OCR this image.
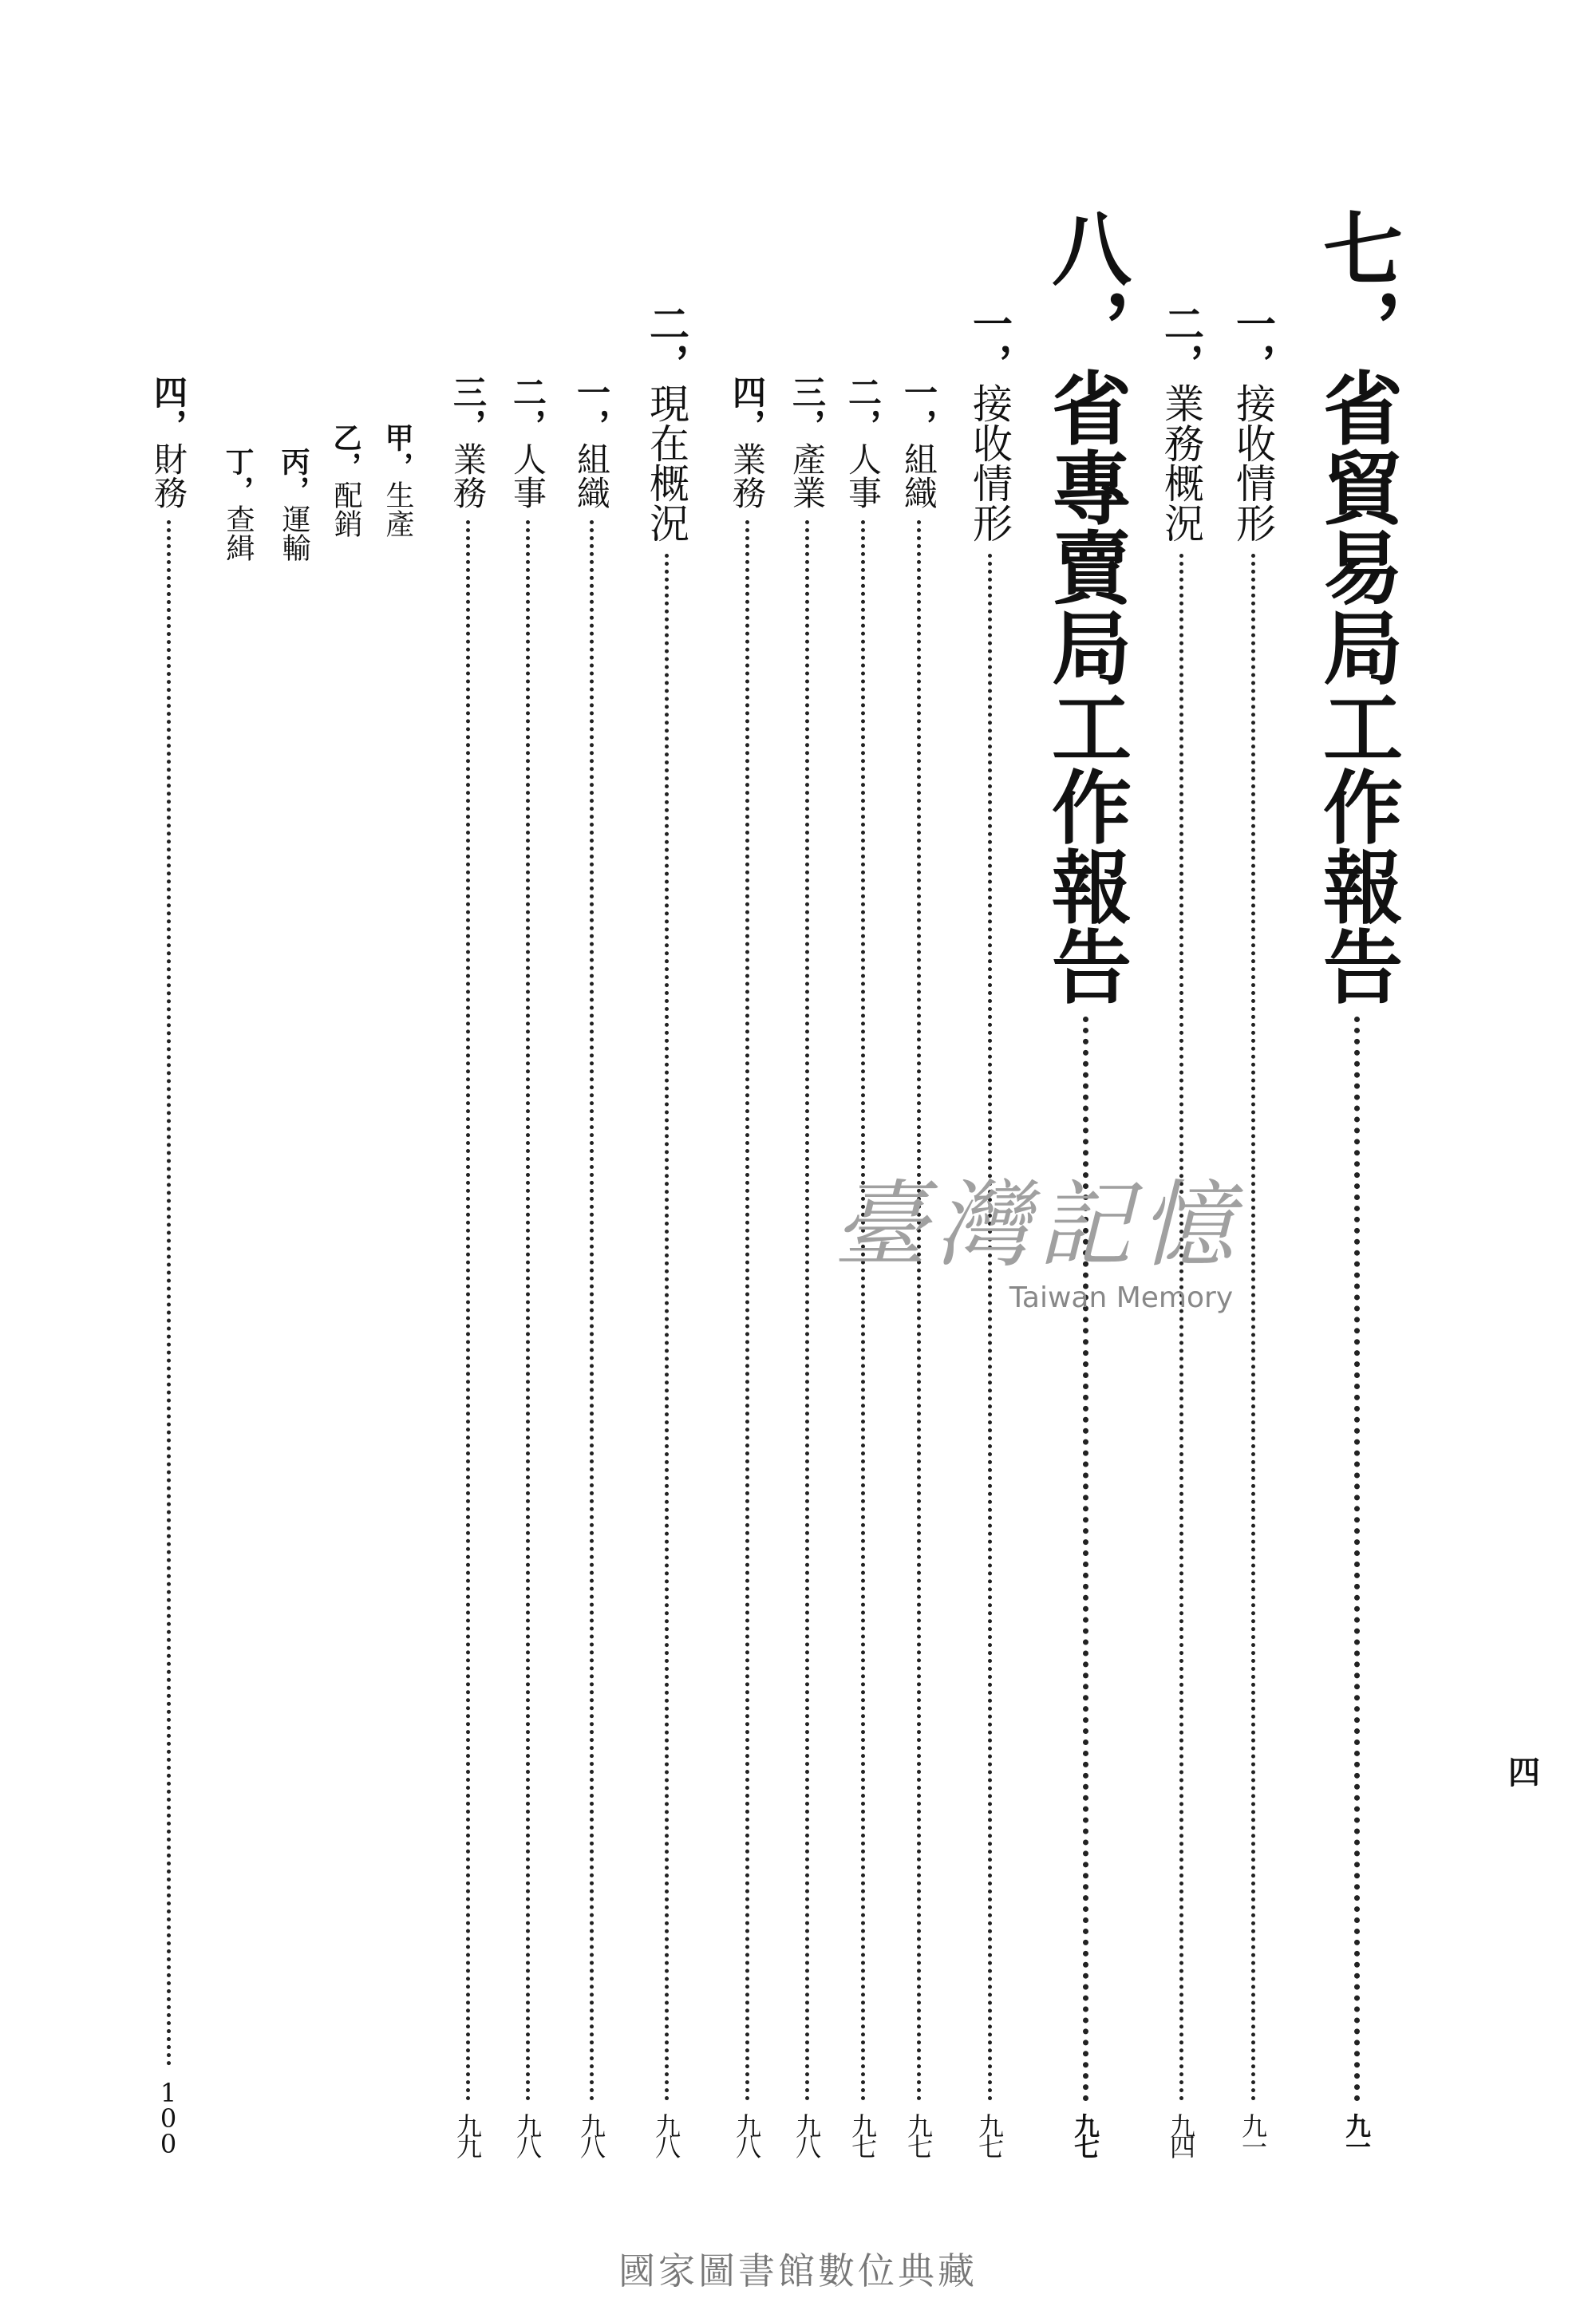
七，
省貿易局工作報告
九一
一，
接收情形
九一
二，
業務概況
九四
八，
省專賣局工作報告
九七
一，
接收情形
九七
一，
組織
九七
二，
人事
九七
三，
產業
九八
四，
業務
九八
二，
現在概況
九八
一，
組織
九八
二，
人事
九八
三，
業務
九九
甲，生產
乙，配銷
丙，運輸
丁，查緝
四，
財務
100
四
臺灣記憶
Taiwan Memory
國家圖書館數位典藏
